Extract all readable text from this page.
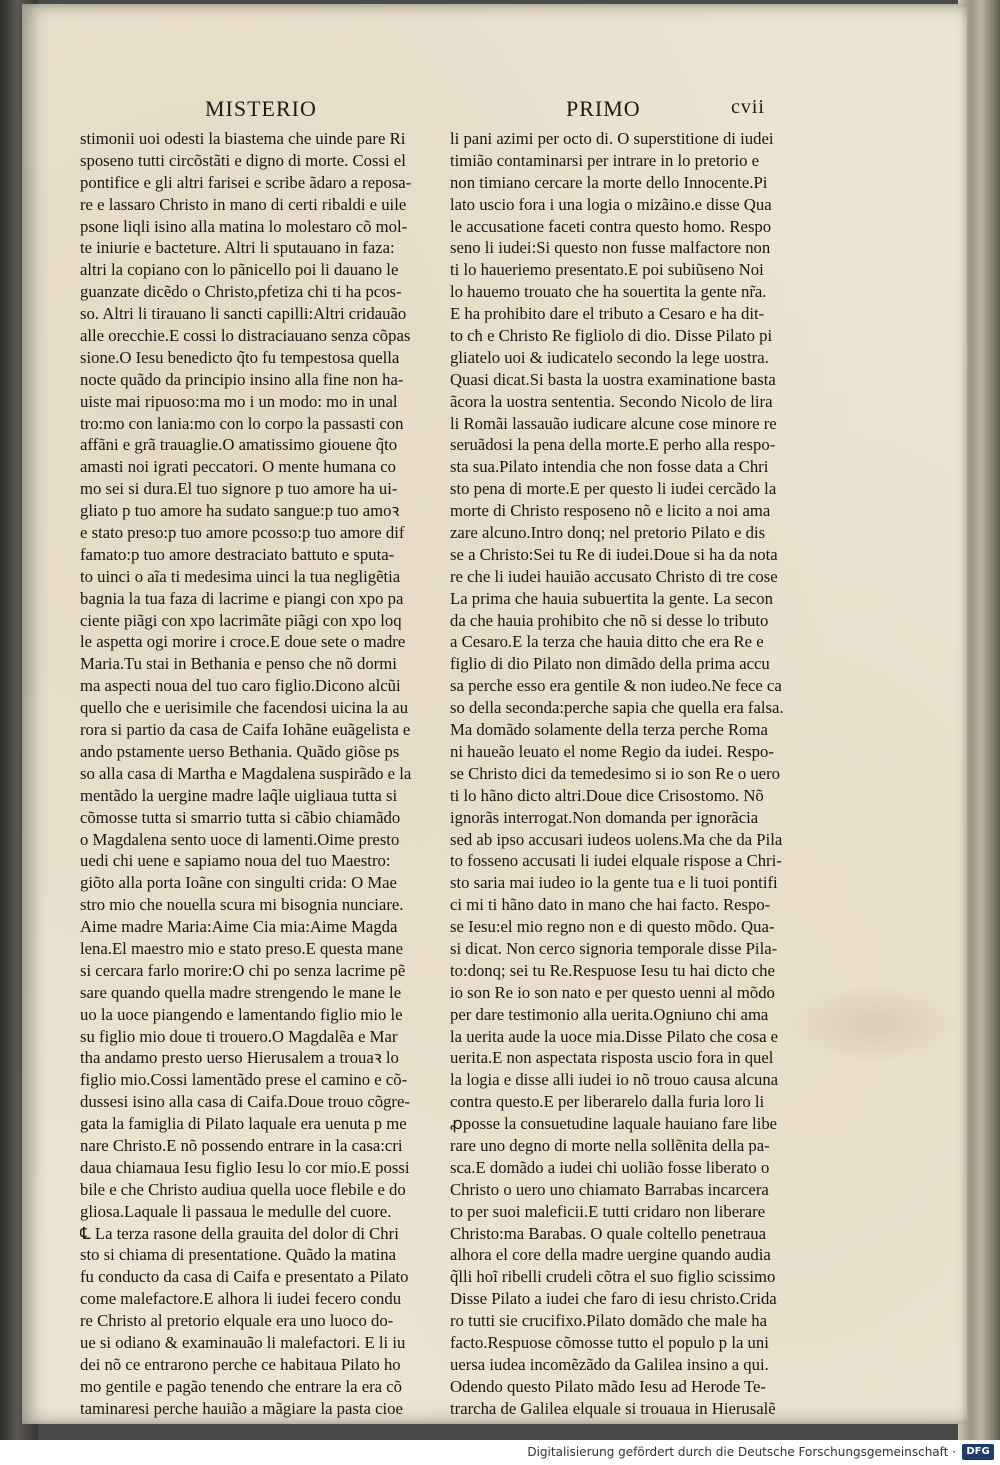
MISTERIO	PRIMO	cvii
stimonii uoi odesti la biastema che uinde pare Ri
sposeno tutti circõstãti e digno di morte. Cossi el
pontifice e gli altri farisei e scribe ãdaro a reposa-
re e lassaro Christo in mano di certi ribaldi e uile
psone liqli isino alla matina lo molestaro cõ mol-
te iniurie e bacteture. Altri li sputauano in faza:
altri la copiano con lo pãnicello poi li dauano le
guanzate dicẽdo o Christo,pfetiza chi ti ha pcos-
so. Altri li tirauano li sancti capilli:Altri cridauão
alle orecchie.E cossi lo distraciauano senza cõpas
sione.O Iesu benedicto q̃to fu tempestosa quella
nocte quãdo da principio insino alla fine non ha-
uiste mai ripuoso:ma mo i un modo: mo in unal
tro:mo con lania:mo con lo corpo la passasti con
affãni e grã trauaglie.O amatissimo giouene q̃to
amasti noi igrati peccatori. O mente humana co
mo sei si dura.El tuo signore p tuo amore ha ui-
gliato p tuo amore ha sudato sangue:p tuo amoꝛ
e stato preso:p tuo amore pcosso:p tuo amore dif
famato:p tuo amore destraciato battuto e sputa-
to uinci o aĩa ti medesima uinci la tua negligẽtia
bagnia la tua faza di lacrime e piangi con xpo pa
ciente piãgi con xpo lacrimãte piãgi con xpo loq
le aspetta ogi morire i croce.E doue sete o madre
Maria.Tu stai in Bethania e penso che nõ dormi
ma aspecti noua del tuo caro figlio.Dicono alcũi
quello che e uerisimile che facendosi uicina la au
rora si partio da casa de Caifa Iohãne euãgelista e
ando pstamente uerso Bethania. Quãdo giõse ps
so alla casa di Martha e Magdalena suspirãdo e la
mentãdo la uergine madre laq̃le uigliaua tutta si
cõmosse tutta si smarrio tutta si cãbio chiamãdo
o Magdalena sento uoce di lamenti.Oime presto
uedi chi uene e sapiamo noua del tuo Maestro:
giõto alla porta Ioãne con singulti crida: O Mae
stro mio che nouella scura mi bisognia nunciare.
Aime madre Maria:Aime Cia mia:Aime Magda
lena.El maestro mio e stato preso.E questa mane
si cercara farlo morire:O chi po senza lacrime pẽ
sare quando quella madre strengendo le mane le
uo la uoce piangendo e lamentando figlio mio le
su figlio mio doue ti trouero.O Magdalẽa e Mar
tha andamo presto uerso Hierusalem a trouaꝛ lo
figlio mio.Cossi lamentãdo prese el camino e cõ-
dussesi isino alla casa di Caifa.Doue trouo cõgre-
gata la famiglia di Pilato laquale era uenuta p me
nare Christo.E nõ possendo entrare in la casa:cri
daua chiamaua Iesu figlio Iesu lo cor mio.E possi
bile e che Christo audiua quella uoce flebile e do
gliosa.Laquale li passaua le medulle del cuore.
℄ La terza rasone della grauita del dolor di Chri
sto si chiama di presentatione. Quãdo la matina
fu conducto da casa di Caifa e presentato a Pilato
come malefactore.E alhora li iudei fecero condu
re Christo al pretorio elquale era uno luoco do-
ue si odiano & examinauão li malefactori. E li iu
dei nõ ce entrarono perche ce habitaua Pilato ho
mo gentile e pagão tenendo che entrare la era cõ
taminaresi perche hauião a mãgiare la pasta cioe
li pani azimi per octo di. O superstitione di iudei
timião contaminarsi per intrare in lo pretorio e
non timiano cercare la morte dello Innocente.Pi
lato uscio fora i una logia o mizãino.e disse Qua
le accusatione faceti contra questo homo. Respo
seno li iudei:Si questo non fusse malfactore non
ti lo haueriemo presentato.E poi subiũseno Noi
lo hauemo trouato che ha souertita la gente nr̃a.
E ha prohibito dare el tributo a Cesaro e ha dit-
to cħ e Christo Re figliolo di dio. Disse Pilato pi
gliatelo uoi & iudicatelo secondo la lege uostra.
Quasi dicat.Si basta la uostra examinatione basta
ãcora la uostra sententia. Secondo Nicolo de lira
li Romãi lassauão iudicare alcune cose minore re
seruãdosi la pena della morte.E perho alla respo-
sta sua.Pilato intendia che non fosse data a Chri
sto pena di morte.E per questo li iudei cercãdo la
morte di Christo resposeno nõ e licito a noi ama
zare alcuno.Intro donq; nel pretorio Pilato e dis
se a Christo:Sei tu Re di iudei.Doue si ha da nota
re che li iudei hauião accusato Christo di tre cose
La prima che hauia subuertita la gente. La secon
da che hauia prohibito che nõ si desse lo tributo
a Cesaro.E la terza che hauia ditto che era Re e
figlio di dio Pilato non dimãdo della prima accu
sa perche esso era gentile & non iudeo.Ne fece ca
so della seconda:perche sapia che quella era falsa.
Ma domãdo solamente della terza perche Roma
ni haueão leuato el nome Regio da iudei. Respo-
se Christo dici da temedesimo si io son Re o uero
ti lo hãno dicto altri.Doue dice Crisostomo. Nõ
ignorãs interrogat.Non domanda per ignorãcia
sed ab ipso accusari iudeos uolens.Ma che da Pila
to fosseno accusati li iudei elquale rispose a Chri-
sto saria mai iudeo io la gente tua e li tuoi pontifi
ci mi ti hãno dato in mano che hai facto. Respo-
se Iesu:el mio regno non e di questo mõdo. Qua-
si dicat. Non cerco signoria temporale disse Pila-
to:donq; sei tu Re.Respuose Iesu tu hai dicto che
io son Re io son nato e per questo uenni al mõdo
per dare testimonio alla uerita.Ogniuno chi ama
la uerita aude la uoce mia.Disse Pilato che cosa e
uerita.E non aspectata risposta uscio fora in quel
la logia e disse alli iudei io nõ trouo causa alcuna
contra questo.E per liberarelo dalla furia loro li
ꝓposse la consuetudine laquale hauiano fare libe
rare uno degno di morte nella sollẽnita della pa-
sca.E domãdo a iudei chi uolião fosse liberato o
Christo o uero uno chiamato Barrabas incarcera
to per suoi maleficii.E tutti cridaro non liberare
Christo:ma Barabas. O quale coltello penetraua
alhora el core della madre uergine quando audia
q̃lli hoĩ ribelli crudeli cõtra el suo figlio scissimo
Disse Pilato a iudei che faro di iesu christo.Crida
ro tutti sie crucifixo.Pilato domãdo che male ha
facto.Respuose cõmosse tutto el populo p la uni
uersa iudea incomẽzãdo da Galilea insino a qui.
Odendo questo Pilato mãdo Iesu ad Herode Te-
trarcha de Galilea elquale si trouaua in Hierusalẽ
Digitalisierung gefördert durch die Deutsche Forschungsgemeinschaft ·	DFG
